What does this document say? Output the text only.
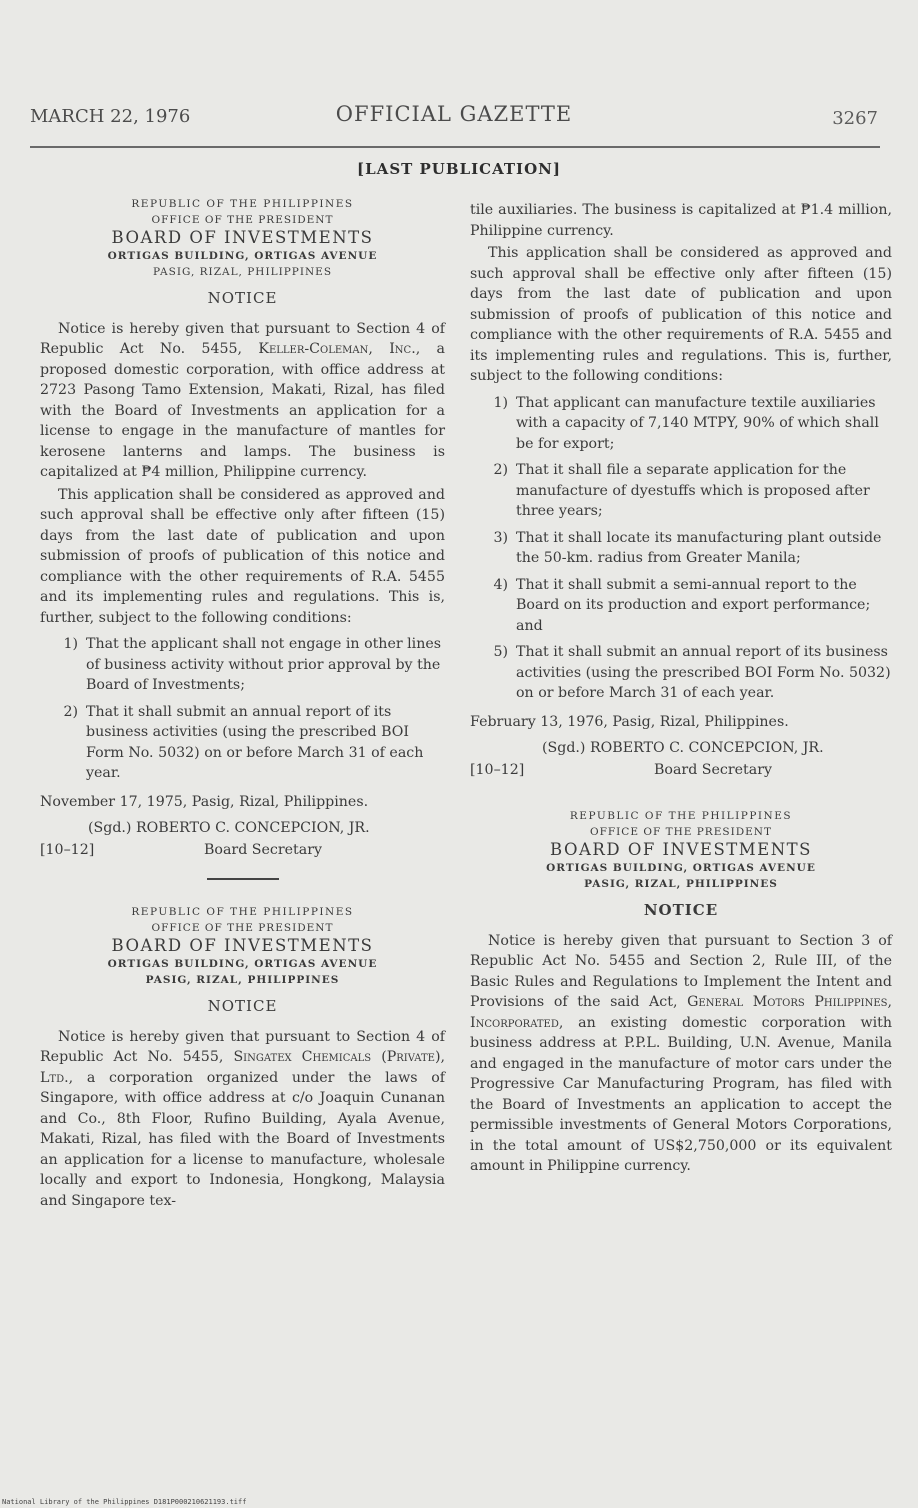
MARCH 22, 1976	OFFICIAL GAZETTE	3267
[LAST PUBLICATION]
REPUBLIC OF THE PHILIPPINES
OFFICE OF THE PRESIDENT
BOARD OF INVESTMENTS
ORTIGAS BUILDING, ORTIGAS AVENUE
PASIG, RIZAL, PHILIPPINES
NOTICE

Notice is hereby given that pursuant to Section 4 of Republic Act No. 5455, Keller-Coleman, Inc., a proposed domestic corporation, with office address at 2723 Pasong Tamo Extension, Makati, Rizal, has filed with the Board of Investments an application for a license to engage in the manufacture of mantles for kerosene lanterns and lamps. The business is capitalized at ₱4 million, Philippine currency.

This application shall be considered as approved and such approval shall be effective only after fifteen (15) days from the last date of publication and upon submission of proofs of publication of this notice and compliance with the other requirements of R.A. 5455 and its implementing rules and regulations. This is, further, subject to the following conditions:

1) That the applicant shall not engage in other lines of business activity without prior approval by the Board of Investments;
2) That it shall submit an annual report of its business activities (using the prescribed BOI Form No. 5032) on or before March 31 of each year.

November 17, 1975, Pasig, Rizal, Philippines.

(Sgd.) ROBERTO C. CONCEPCION, JR.
[10–12]	Board Secretary
REPUBLIC OF THE PHILIPPINES
OFFICE OF THE PRESIDENT
BOARD OF INVESTMENTS
ORTIGAS BUILDING, ORTIGAS AVENUE
PASIG, RIZAL, PHILIPPINES
NOTICE

Notice is hereby given that pursuant to Section 4 of Republic Act No. 5455, Singatex Chemicals (Private), Ltd., a corporation organized under the laws of Singapore, with office address at c/o Joaquin Cunanan and Co., 8th Floor, Rufino Building, Ayala Avenue, Makati, Rizal, has filed with the Board of Investments an application for a license to manufacture, wholesale locally and export to Indonesia, Hongkong, Malaysia and Singapore tex-

tile auxiliaries. The business is capitalized at ₱1.4 million, Philippine currency.

This application shall be considered as approved and such approval shall be effective only after fifteen (15) days from the last date of publication and upon submission of proofs of publication of this notice and compliance with the other requirements of R.A. 5455 and its implementing rules and regulations. This is, further, subject to the following conditions:

1) That applicant can manufacture textile auxiliaries with a capacity of 7,140 MTPY, 90% of which shall be for export;
2) That it shall file a separate application for the manufacture of dyestuffs which is proposed after three years;
3) That it shall locate its manufacturing plant outside the 50-km. radius from Greater Manila;
4) That it shall submit a semi-annual report to the Board on its production and export performance; and
5) That it shall submit an annual report of its business activities (using the prescribed BOI Form No. 5032) on or before March 31 of each year.

February 13, 1976, Pasig, Rizal, Philippines.

(Sgd.) ROBERTO C. CONCEPCION, JR.
[10–12]	Board Secretary
REPUBLIC OF THE PHILIPPINES
OFFICE OF THE PRESIDENT
BOARD OF INVESTMENTS
ORTIGAS BUILDING, ORTIGAS AVENUE
PASIG, RIZAL, PHILIPPINES
NOTICE

Notice is hereby given that pursuant to Section 3 of Republic Act No. 5455 and Section 2, Rule III, of the Basic Rules and Regulations to Implement the Intent and Provisions of the said Act, General Motors Philippines, Incorporated, an existing domestic corporation with business address at P.P.L. Building, U.N. Avenue, Manila and engaged in the manufacture of motor cars under the Progressive Car Manufacturing Program, has filed with the Board of Investments an application to accept the permissible investments of General Motors Corporations, in the total amount of US$2,750,000 or its equivalent amount in Philippine currency.

National Library of the Philippines D181P000210621193.tiff
